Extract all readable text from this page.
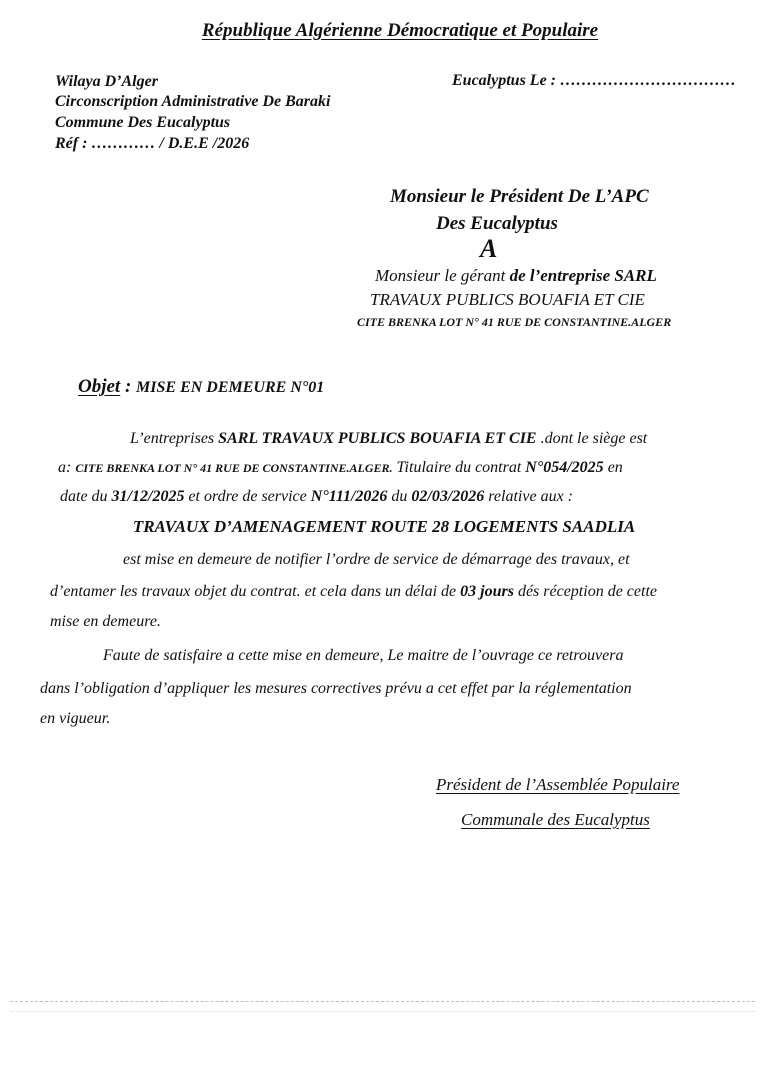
République Algérienne Démocratique et Populaire
Wilaya D’Alger
Circonscription Administrative De Baraki
Commune Des Eucalyptus
Réf : ………… / D.E.E /2026
Eucalyptus Le : ……………………………
Monsieur le Président De L’APC
Des Eucalyptus
A
Monsieur le gérant de l’entreprise SARL
TRAVAUX PUBLICS BOUAFIA ET CIE
CITE BRENKA LOT N° 41 RUE DE CONSTANTINE.ALGER
Objet : MISE EN DEMEURE N°01
L’entreprises SARL TRAVAUX PUBLICS BOUAFIA ET CIE .dont le siège est
a: CITE BRENKA LOT N° 41 RUE DE CONSTANTINE.ALGER. Titulaire du contrat N°054/2025 en
date du 31/12/2025 et ordre de service N°111/2026 du 02/03/2026 relative aux :
TRAVAUX D’AMENAGEMENT ROUTE 28 LOGEMENTS SAADLIA
est mise en demeure de notifier l’ordre de service de démarrage des travaux, et
d’entamer les travaux objet du contrat. et cela dans un délai de 03 jours dés réception de cette
mise en demeure.
Faute de satisfaire a cette mise en demeure, Le maitre de l’ouvrage ce retrouvera
dans l’obligation d’appliquer les mesures correctives prévu a cet effet par la réglementation
en vigueur.
Président de l’Assemblée Populaire
Communale des Eucalyptus
